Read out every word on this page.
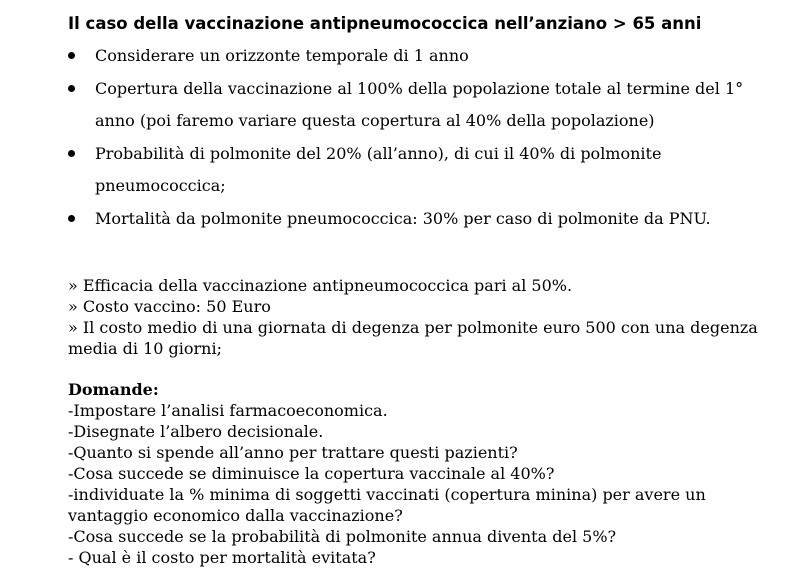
Il caso della vaccinazione antipneumococcica nell’anziano > 65 anni
Considerare un orizzonte temporale di 1 anno
Copertura della vaccinazione al 100% della popolazione totale al termine del 1° anno (poi faremo variare questa copertura al 40% della popolazione)
Probabilità di polmonite del 20% (all’anno), di cui il 40% di polmonite pneumococcica;
Mortalità da polmonite pneumococcica: 30% per caso di polmonite da PNU.

» Efficacia della vaccinazione antipneumococcica pari al 50%.

» Costo vaccino: 50 Euro

» Il costo medio di una giornata di degenza per polmonite euro 500 con una degenza media di 10 giorni;

Domande:

-Impostare l’analisi farmacoeconomica.

-Disegnate l’albero decisionale.

-Quanto si spende all’anno per trattare questi pazienti?

-Cosa succede se diminuisce la copertura vaccinale al 40%?

-individuate la % minima di soggetti vaccinati (copertura minina) per avere un vantaggio economico dalla vaccinazione?

-Cosa succede se la probabilità di polmonite annua diventa del 5%?

- Qual è il costo per mortalità evitata?
